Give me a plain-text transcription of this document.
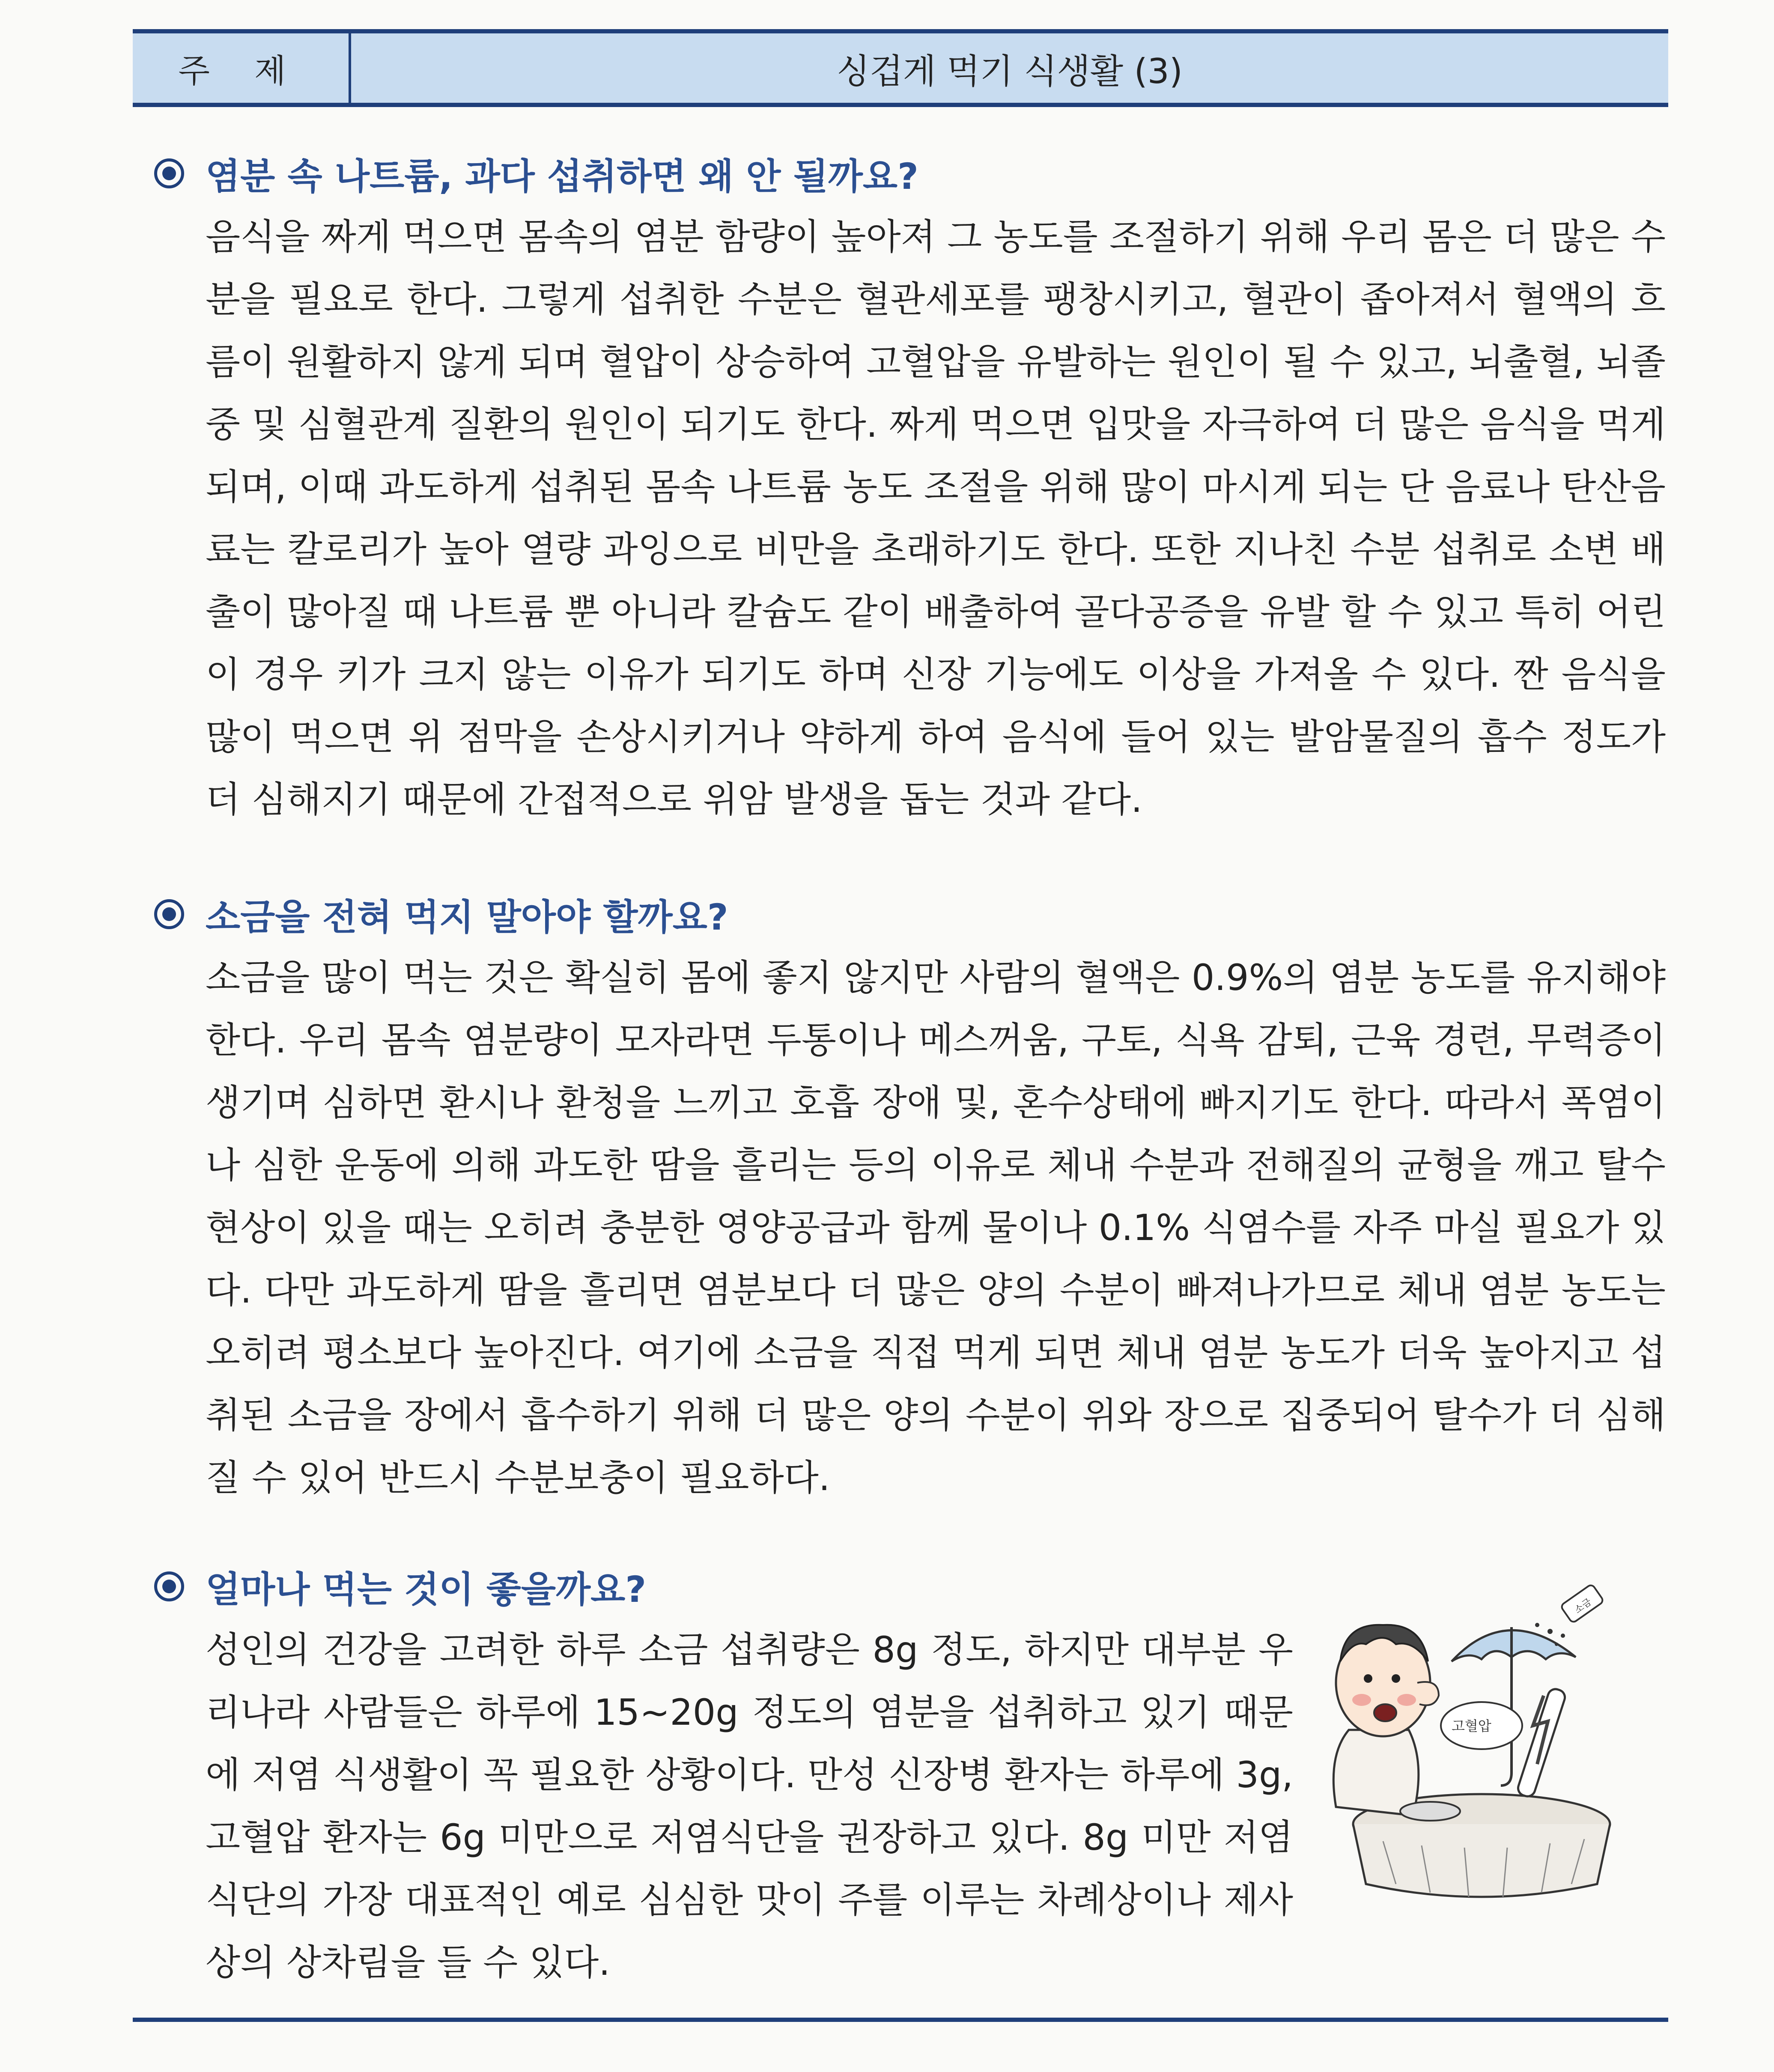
주 제	싱겁게 먹기 식생활 (3)
염분 속 나트륨, 과다 섭취하면 왜 안 될까요?

음식을 짜게 먹으면 몸속의 염분 함량이 높아져 그 농도를 조절하기 위해 우리 몸은 더 많은 수분을 필요로 한다. 그렇게 섭취한 수분은 혈관세포를 팽창시키고, 혈관이 좁아져서 혈액의 흐름이 원활하지 않게 되며 혈압이 상승하여 고혈압을 유발하는 원인이 될 수 있고, 뇌출혈, 뇌졸중 및 심혈관계 질환의 원인이 되기도 한다. 짜게 먹으면 입맛을 자극하여 더 많은 음식을 먹게 되며, 이때 과도하게 섭취된 몸속 나트륨 농도 조절을 위해 많이 마시게 되는 단 음료나 탄산음료는 칼로리가 높아 열량 과잉으로 비만을 초래하기도 한다. 또한 지나친 수분 섭취로 소변 배출이 많아질 때 나트륨 뿐 아니라 칼슘도 같이 배출하여 골다공증을 유발 할 수 있고 특히 어린이 경우 키가 크지 않는 이유가 되기도 하며 신장 기능에도 이상을 가져올 수 있다. 짠 음식을 많이 먹으면 위 점막을 손상시키거나 약하게 하여 음식에 들어 있는 발암물질의 흡수 정도가 더 심해지기 때문에 간접적으로 위암 발생을 돕는 것과 같다.

소금을 전혀 먹지 말아야 할까요?

소금을 많이 먹는 것은 확실히 몸에 좋지 않지만 사람의 혈액은 0.9%의 염분 농도를 유지해야 한다. 우리 몸속 염분량이 모자라면 두통이나 메스꺼움, 구토, 식욕 감퇴, 근육 경련, 무력증이 생기며 심하면 환시나 환청을 느끼고 호흡 장애 및, 혼수상태에 빠지기도 한다. 따라서 폭염이나 심한 운동에 의해 과도한 땀을 흘리는 등의 이유로 체내 수분과 전해질의 균형을 깨고 탈수 현상이 있을 때는 오히려 충분한 영양공급과 함께 물이나 0.1% 식염수를 자주 마실 필요가 있다. 다만 과도하게 땀을 흘리면 염분보다 더 많은 양의 수분이 빠져나가므로 체내 염분 농도는 오히려 평소보다 높아진다. 여기에 소금을 직접 먹게 되면 체내 염분 농도가 더욱 높아지고 섭취된 소금을 장에서 흡수하기 위해 더 많은 양의 수분이 위와 장으로 집중되어 탈수가 더 심해질 수 있어 반드시 수분보충이 필요하다.

얼마나 먹는 것이 좋을까요?

성인의 건강을 고려한 하루 소금 섭취량은 8g 정도, 하지만 대부분 우리나라 사람들은 하루에 15~20g 정도의 염분을 섭취하고 있기 때문에 저염 식생활이 꼭 필요한 상황이다. 만성 신장병 환자는 하루에 3g, 고혈압 환자는 6g 미만으로 저염식단을 권장하고 있다. 8g 미만 저염 식단의 가장 대표적인 예로 심심한 맛이 주를 이루는 차례상이나 제사상의 상차림을 들 수 있다.

소금
고혈압
